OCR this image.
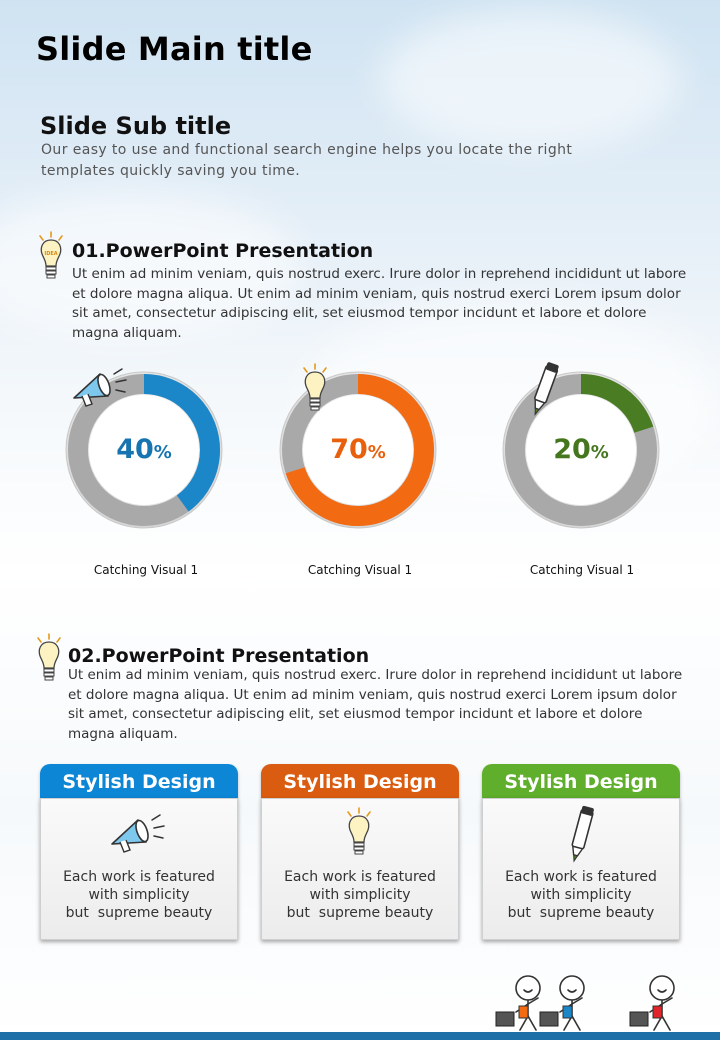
Slide Main title
Slide Sub title
Our easy to use and functional search engine helps you locate the right templates quickly saving you time.
IDEA 01.PowerPoint Presentation
Ut enim ad minim veniam, quis nostrud exerc. Irure dolor in reprehend incididunt ut labore et dolore magna aliqua. Ut enim ad minim veniam, quis nostrud exerci Lorem ipsum dolor sit amet, consectetur adipiscing elit, set eiusmod tempor incidunt et labore et dolore magna aliquam.
40%
Catching Visual 1
70%
Catching Visual 1
20%
Catching Visual 1
02.PowerPoint Presentation
Ut enim ad minim veniam, quis nostrud exerc. Irure dolor in reprehend incididunt ut labore et dolore magna aliqua. Ut enim ad minim veniam, quis nostrud exerci Lorem ipsum dolor sit amet, consectetur adipiscing elit, set eiusmod tempor incidunt et labore et dolore magna aliquam.
Stylish Design
Each work is featured
with simplicity
but  supreme beauty
Stylish Design
Each work is featured
with simplicity
but  supreme beauty
Stylish Design
Each work is featured
with simplicity
but  supreme beauty
